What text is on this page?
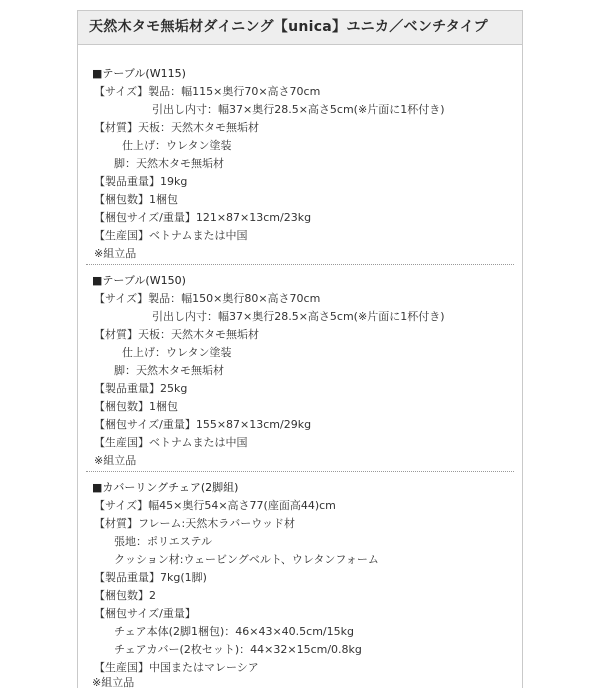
天然木タモ無垢材ダイニング【unica】ユニカ／ベンチタイプ
■テーブル(W115)
【サイズ】製品：幅115×奥行70×高さ70cm
引出し内寸：幅37×奥行28.5×高さ5cm(※片面に1杯付き)
【材質】天板：天然木タモ無垢材
仕上げ：ウレタン塗装
脚：天然木タモ無垢材
【製品重量】19kg
【梱包数】1梱包
【梱包サイズ/重量】121×87×13cm/23kg
【生産国】ベトナムまたは中国
※組立品
■テーブル(W150)
【サイズ】製品：幅150×奥行80×高さ70cm
引出し内寸：幅37×奥行28.5×高さ5cm(※片面に1杯付き)
【材質】天板：天然木タモ無垢材
仕上げ：ウレタン塗装
脚：天然木タモ無垢材
【製品重量】25kg
【梱包数】1梱包
【梱包サイズ/重量】155×87×13cm/29kg
【生産国】ベトナムまたは中国
※組立品
■カバーリングチェア(2脚組)
【サイズ】幅45×奥行54×高さ77(座面高44)cm
【材質】フレーム:天然木ラバーウッド材
張地：ポリエステル
クッション材:ウェービングベルト、ウレタンフォーム
【製品重量】7kg(1脚)
【梱包数】2
【梱包サイズ/重量】
チェア本体(2脚1梱包)：46×43×40.5cm/15kg
チェアカバー(2枚セット)：44×32×15cm/0.8kg
【生産国】中国またはマレーシア
※組立品
